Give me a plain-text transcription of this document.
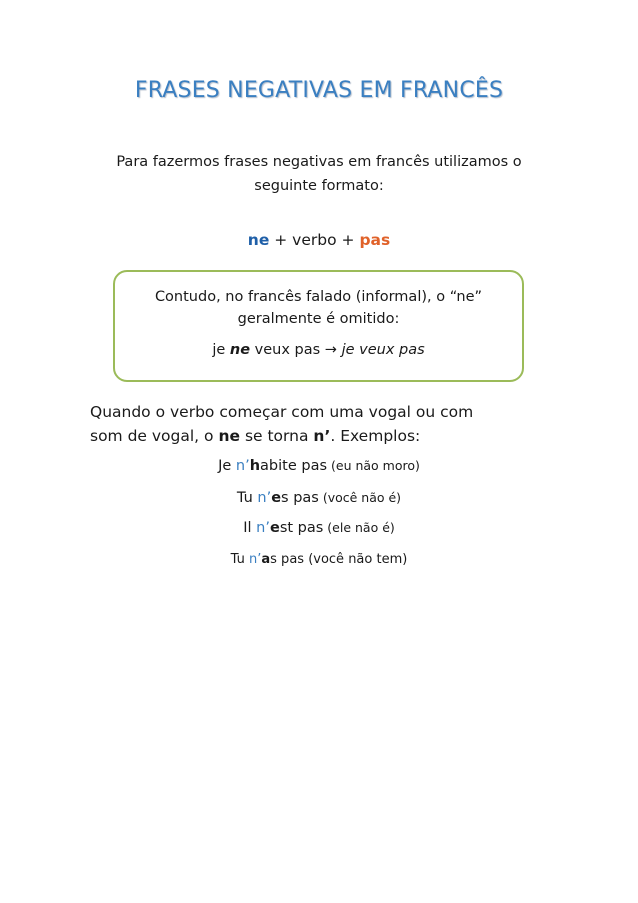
FRASES NEGATIVAS EM FRANCÊS
Para fazermos frases negativas em francês utilizamos o
seguinte formato:
ne + verbo + pas
Contudo, no francês falado (informal), o “ne”
geralmente é omitido:
je ne veux pas → je veux pas
Quando o verbo começar com uma vogal ou com
som de vogal, o ne se torna n’. Exemplos:
Je n’habite pas (eu não moro)
Tu n’es pas (você não é)
Il n’est pas (ele não é)
Tu n’as pas (você não tem)
